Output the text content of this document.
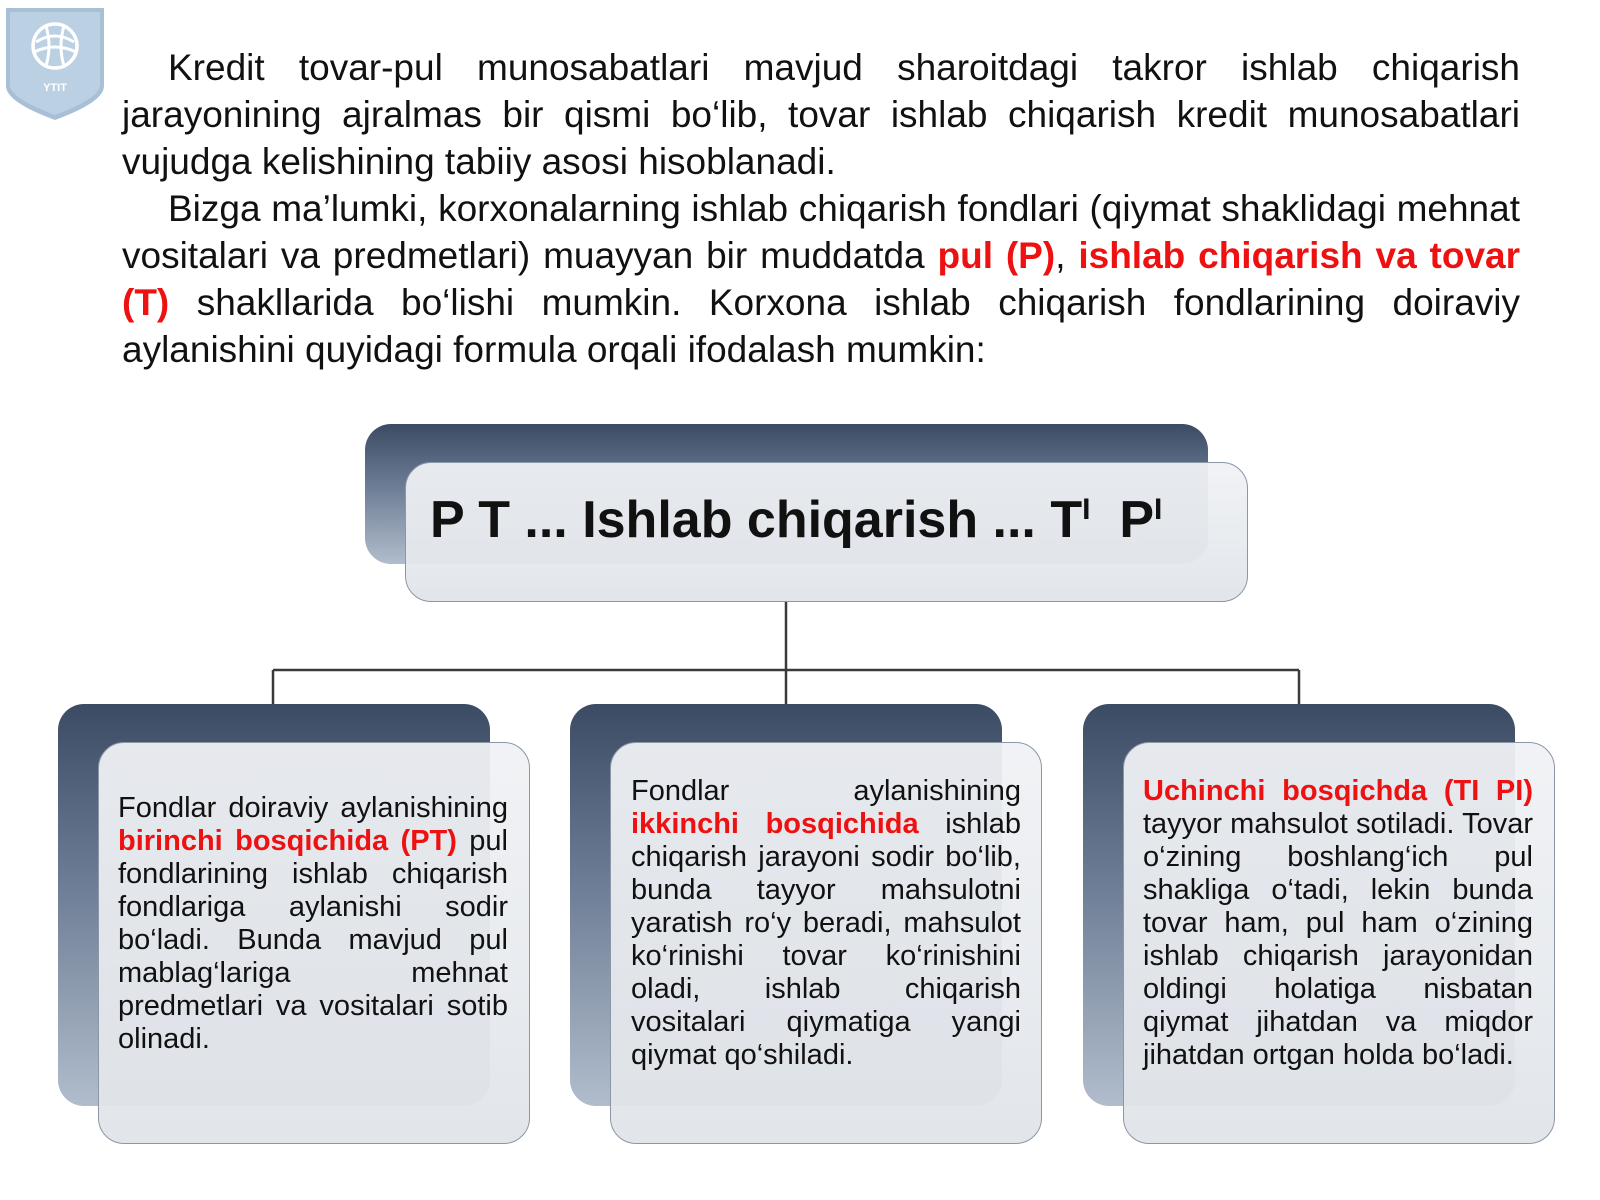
YTIT	Kredit tovar-pul munosabatlari mavjud sharoitdagi takror ishlab chiqarish jarayonining ajralmas bir qismi bo‘lib, tovar ishlab chiqarish kredit munosabatlari vujudga kelishining tabiiy asosi hisoblanadi.

Bizga ma’lumki, korxonalarning ishlab chiqarish fondlari (qiymat shaklidagi mehnat vositalari va predmetlari) muayyan bir muddatda pul (P), ishlab chiqarish va tovar (T) shakllarida bo‘lishi mumkin. Korxona ishlab chiqarish fondlarining doiraviy aylanishini quyidagi formula orqali ifodalash mumkin:

P T ... Ishlab chiqarish ... $T^I$  $P^I$

Fondlar doiraviy aylanishining birinchi bosqichida (PT) pul fondlarining ishlab chiqarish fondlariga aylanishi sodir bo‘ladi. Bunda mavjud pul mablag‘lariga mehnat predmetlari va vositalari sotib olinadi.

Fondlar aylanishining ikkinchi bosqichida ishlab chiqarish jarayoni sodir bo‘lib, bunda tayyor mahsulotni yaratish ro‘y beradi, mahsulot ko‘rinishi tovar ko‘rinishini oladi, ishlab chiqarish vositalari qiymatiga yangi qiymat qo‘shiladi.

Uchinchi bosqichda (TI PI) tayyor mahsulot sotiladi. Tovar o‘zining boshlang‘ich pul shakliga o‘tadi, lekin bunda tovar ham, pul ham o‘zining ishlab chiqarish jarayonidan oldingi holatiga nisbatan qiymat jihatdan va miqdor jihatdan ortgan holda bo‘ladi.
